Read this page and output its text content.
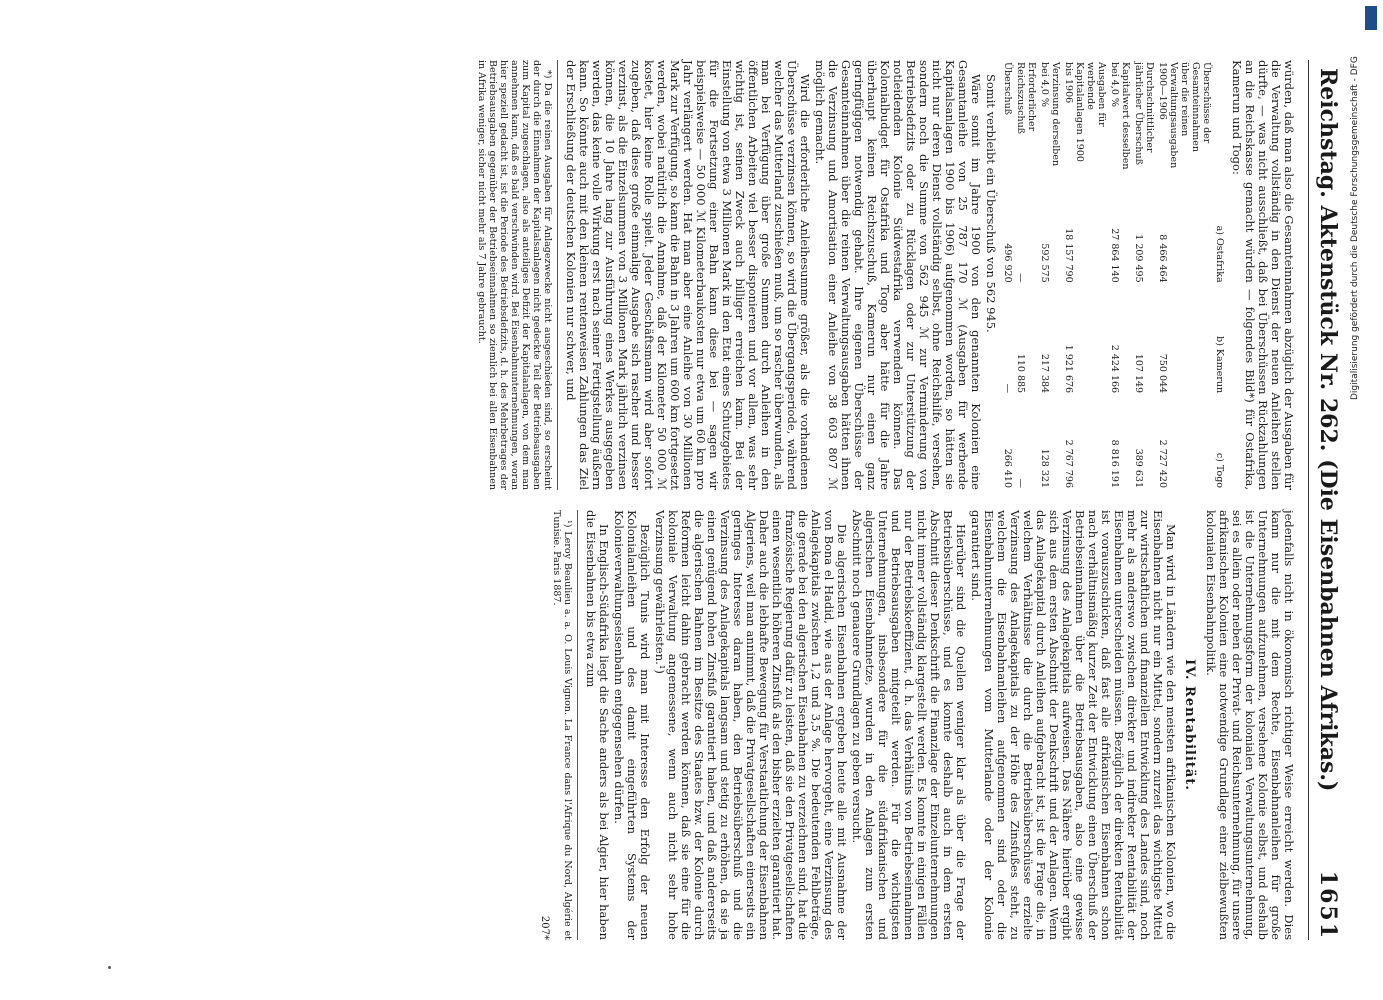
Reichstag. Aktenstück Nr. 262. (Die Eisenbahnen Afrikas.)
1651

würden, daß man also die Gesamteinnahmen abzüglich der Ausgaben für die Verwaltung vollständig in den Dienst der neuen Anleihen stellen dürfte, — was nicht ausschließt, daß bei Überschüssen Rückzahlungen an die Reichskasse gemacht würden — folgendes Bild*) für Ostafrika, Kamerun und Togo:

	a) Ostafrika	b) Kamerun	c) Togo
Überschüsse der Gesamteinnahmen über die reinen Verwaltungsausgaben 1900—1906	8 466 464	750 044	2 727 420
Durchschnittlicher jährlicher Überschuß	1 209 495	107 149	389 631
Kapitalwert desselben bei 4,0 %	27 864 140	2 424 166	8 816 191
Ausgaben für werbende Kapitalanlagen 1900 bis 1906	18 157 790	1 921 676	2 767 796
Verzinsung derselben bei 4,0 %	592 575	217 384	128 321
Erforderlicher Reichszuschuß	—	110 885	—
Überschuß	496 920	—	266 410

Somit verbleibt ein Überschuß von 562 945.

Wäre somit im Jahre 1900 von den genannten Kolonien eine Gesamtanleihe von 25 787 170 ℳ (Ausgaben für werbende Kapitalsanlagen 1900 bis 1906) aufgenommen worden, so hätten sie nicht nur deren Dienst vollständig selbst, ohne Reichshilfe, versehen, sondern noch die Summe von 562 945 ℳ zur Verminderung von Betriebsdefizits oder zu Rücklagen oder zur Unterstützung der notleidenden Kolonie Südwestafrika verwenden können. Das Kolonialbudget für Ostafrika und Togo aber hätte für die Jahre überhaupt keinen Reichszuschuß, Kamerun nur einen ganz geringfügigen notwendig gehabt. Ihre eigenen Überschüsse der Gesamteinnahmen über die reinen Verwaltungsausgaben hätten ihnen die Verzinsung und Amortisation einer Anleihe von 38 603 807 ℳ möglich gemacht.

Wird die erforderliche Anleihesumme größer, als die vorhandenen Überschüsse verzinsen können, so wird die Übergangsperiode, während welcher das Mutterland zuschießen muß, um so rascher überwunden, als man bei Verfügung über große Summen durch Anleihen in den öffentlichen Arbeiten viel besser disponieren und vor allem, was sehr wichtig ist, seinen Zweck auch billiger erreichen kann. Bei der Einstellung von etwa 3 Millionen Mark in den Etat eines Schutzgebietes für die Fortsetzung einer Bahn kann diese bei — sagen wir beispielsweise — 50 000 ℳ Kilometerbaukosten nur etwa um 60 km pro Jahr verlängert werden. Hat man aber eine Anleihe von 30 Millionen Mark zur Verfügung, so kann die Bahn in 3 Jahren um 600 km fortgesetzt werden, wobei natürlich die Annahme, daß der Kilometer 50 000 ℳ kostet, hier keine Rolle spielt. Jeder Geschäftsmann wird aber sofort zugeben, daß diese große einmalige Ausgabe sich rascher und besser verzinst, als die Einzelsummen von 3 Millionen Mark jährlich verzinsen können, die 10 Jahre lang zur Ausführung eines Werkes ausgegeben werden, das keine volle Wirkung erst nach seiner Fertigstellung äußern kann. So könnte auch mit den kleinen rentenweisen Zahlungen das Ziel der Erschließung der deutschen Kolonien nur schwer, und

*) Da die reinen Ausgaben für Anlagezwecke nicht ausgeschieden sind, so erscheint der durch die Einnahmen der Kapitalsanlagen nicht gedeckte Teil der Betriebsausgaben zum Kapital zugeschlagen, also als anteiliges Defizit der Kapitalanlagen, von dem man annehmen kann, daß es bald verschwinden wird. Bei Eisenbahnunternehmungen, woran hier speziell gedacht ist, ist die Periode des Betriebsdefizits, d. h. des Mehrbetrages der Betriebsausgaben gegenüber der Betriebseinnahmen so ziemlich bei allen Eisenbahnen in Afrika weniger, sicher nicht mehr als 7 Jahre gebraucht.

jedenfalls nicht in ökonomisch richtiger Weise erreicht werden. Dies kann nur die mit dem Rechte, Eisenbahnanleihen für große Unternehmungen aufzunehmen, versehene Kolonie selbst, und deshalb ist die Unternehmungsform der kolonialen Verwaltungsunternehmung, sei es allein oder neben der Privat- und Reichsunternehmung, für unsere afrikanischen Kolonien eine notwendige Grundlage einer zielbewußten kolonialen Eisenbahnpolitik.

IV. Rentabilität.

Man wird in Ländern wie den meisten afrikanischen Kolonien, wo die Eisenbahnen nicht nur ein Mittel, sondern zurzeit das wichtigste Mittel zur wirtschaftlichen und finanziellen Entwicklung des Landes sind, noch mehr als anderswo zwischen direkter und indirekter Rentabilität der Eisenbahnen unterscheiden müssen. Bezüglich der direkten Rentabilität ist vorauszuschicken, daß fast alle afrikanischen Eisenbahnen schon nach verhältnismäßig kurzer Zeit der Entwicklung einen Überschuß der Betriebseinnahmen über die Betriebsausgaben, also eine gewisse Verzinsung des Anlagekapitals aufweisen. Das Nähere hierüber ergibt sich aus dem ersten Abschnitt der Denkschrift und der Anlagen. Wenn das Anlagekapital durch Anleihen aufgebracht ist, ist die Frage die, in welchem Verhältnisse die durch die Betriebsüberschüsse erzielte Verzinsung des Anlagekapitals zu der Höhe des Zinsfußes steht, zu welchem die Eisenbahnanleihen aufgenommen sind oder die Eisenbahnunternehmungen vom Mutterlande oder der Kolonie garantiert sind.

Hierüber sind die Quellen weniger klar als über die Frage der Betriebsüberschüsse, und es konnte deshalb auch in dem ersten Abschnitt dieser Denkschrift die Finanzlage der Einzelunternehmungen nicht immer vollständig klargestellt werden. Es konnte in einigen Fällen nur der Betriebskoeffizient, d. h. das Verhältnis von Betriebseinnahmen und Betriebsausgaben mitgeteilt werden. Für die wichtigsten Unternehmungen, insbesondere für die südafrikanischen und algerischen Eisenbahnnetze, wurden in den Anlagen zum ersten Abschnitt noch genauere Grundlagen zu geben versucht.

Die algerischen Eisenbahnen ergeben heute alle mit Ausnahme der von Bona el Hadid, wie aus der Anlage hervorgeht, eine Verzinsung des Anlagekapitals zwischen 1,2 und 3,5 %. Die bedeutenden Fehlbeträge, die gerade bei den algerischen Eisenbahnen zu verzeichnen sind, hat die französische Regierung dafür zu leisten, daß sie den Privatgesellschaften einen wesentlich höheren Zinsfuß als den bisher erzielten garantiert hat. Daher auch die lebhafte Bewegung für Verstaatlichung der Eisenbahnen Algeriens, weil man annimmt, daß die Privatgesellschaften einerseits ein geringes Interesse daran haben, den Betriebsüberschuß und die Verzinsung des Anlagekapitals langsam und stetig zu erhöhen, da sie ja einen genügend hohen Zinsfuß garantiert haben, und daß andererseits die algerischen Bahnen im Besitze des Staates bzw. der Kolonie durch Reformen leicht dahin gebracht werden können, daß sie eine für die koloniale Verwaltung angemessene, wenn auch nicht sehr hohe Verzinsung gewährleisten.¹)

Bezüglich Tunis wird man mit Interesse den Erfolg der neuen Kolonialanleihen und des damit eingeführten Systems der Kolonieverwaltungseisenbahn entgegensehen dürfen.

In Englisch-Südafrika liegt die Sache anders als bei Algier, hier haben die Eisenbahnen bis etwa zum

¹) Leroy Beaulieu a. a. O. Louis Vignon. La France dans l'Afrique du Nord, Algérie et Tunisie. Paris 1887.
207*
Digitalisierung gefördert durch die Deutsche Forschungsgemeinschaft - DFG
